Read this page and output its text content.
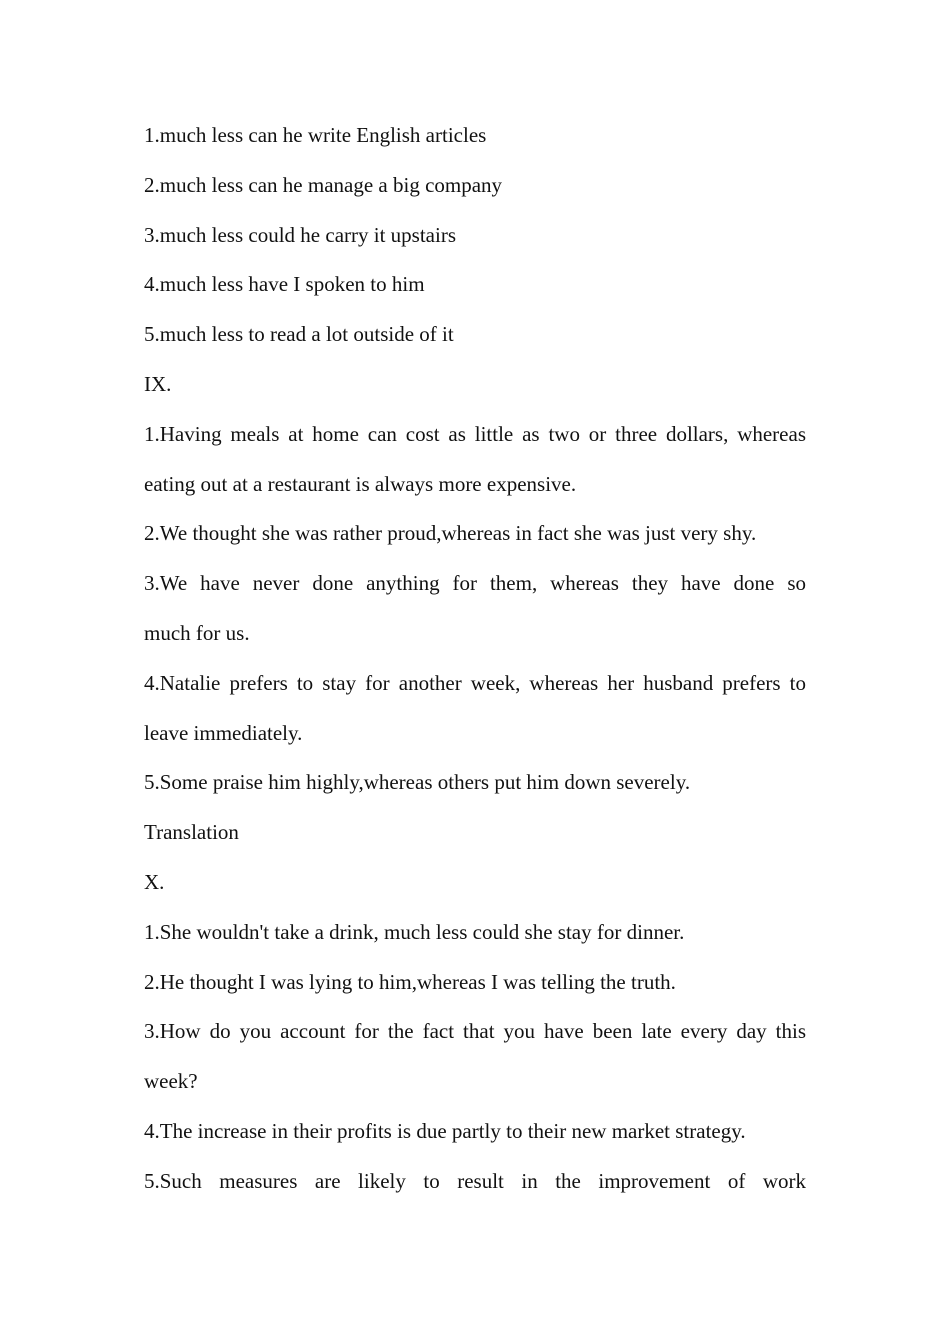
1.much less can he write English articles
2.much less can he manage a big company
3.much less could he carry it upstairs
4.much less have I spoken to him
5.much less to read a lot outside of it
IX.
1.Having meals at home can cost as little as two or three dollars, whereas
eating out at a restaurant is always more expensive.
2.We thought she was rather proud,whereas in fact she was just very shy.
3.We have never done anything for them, whereas they have done so
much for us.
4.Natalie prefers to stay for another week, whereas her husband prefers to
leave immediately.
5.Some praise him highly,whereas others put him down severely.
Translation
X.
1.She wouldn't take a drink, much less could she stay for dinner.
2.He thought I was lying to him,whereas I was telling the truth.
3.How do you account for the fact that you have been late every day this
week?
4.The increase in their profits is due partly to their new market strategy.
5.Such measures are likely to result in the improvement of work
